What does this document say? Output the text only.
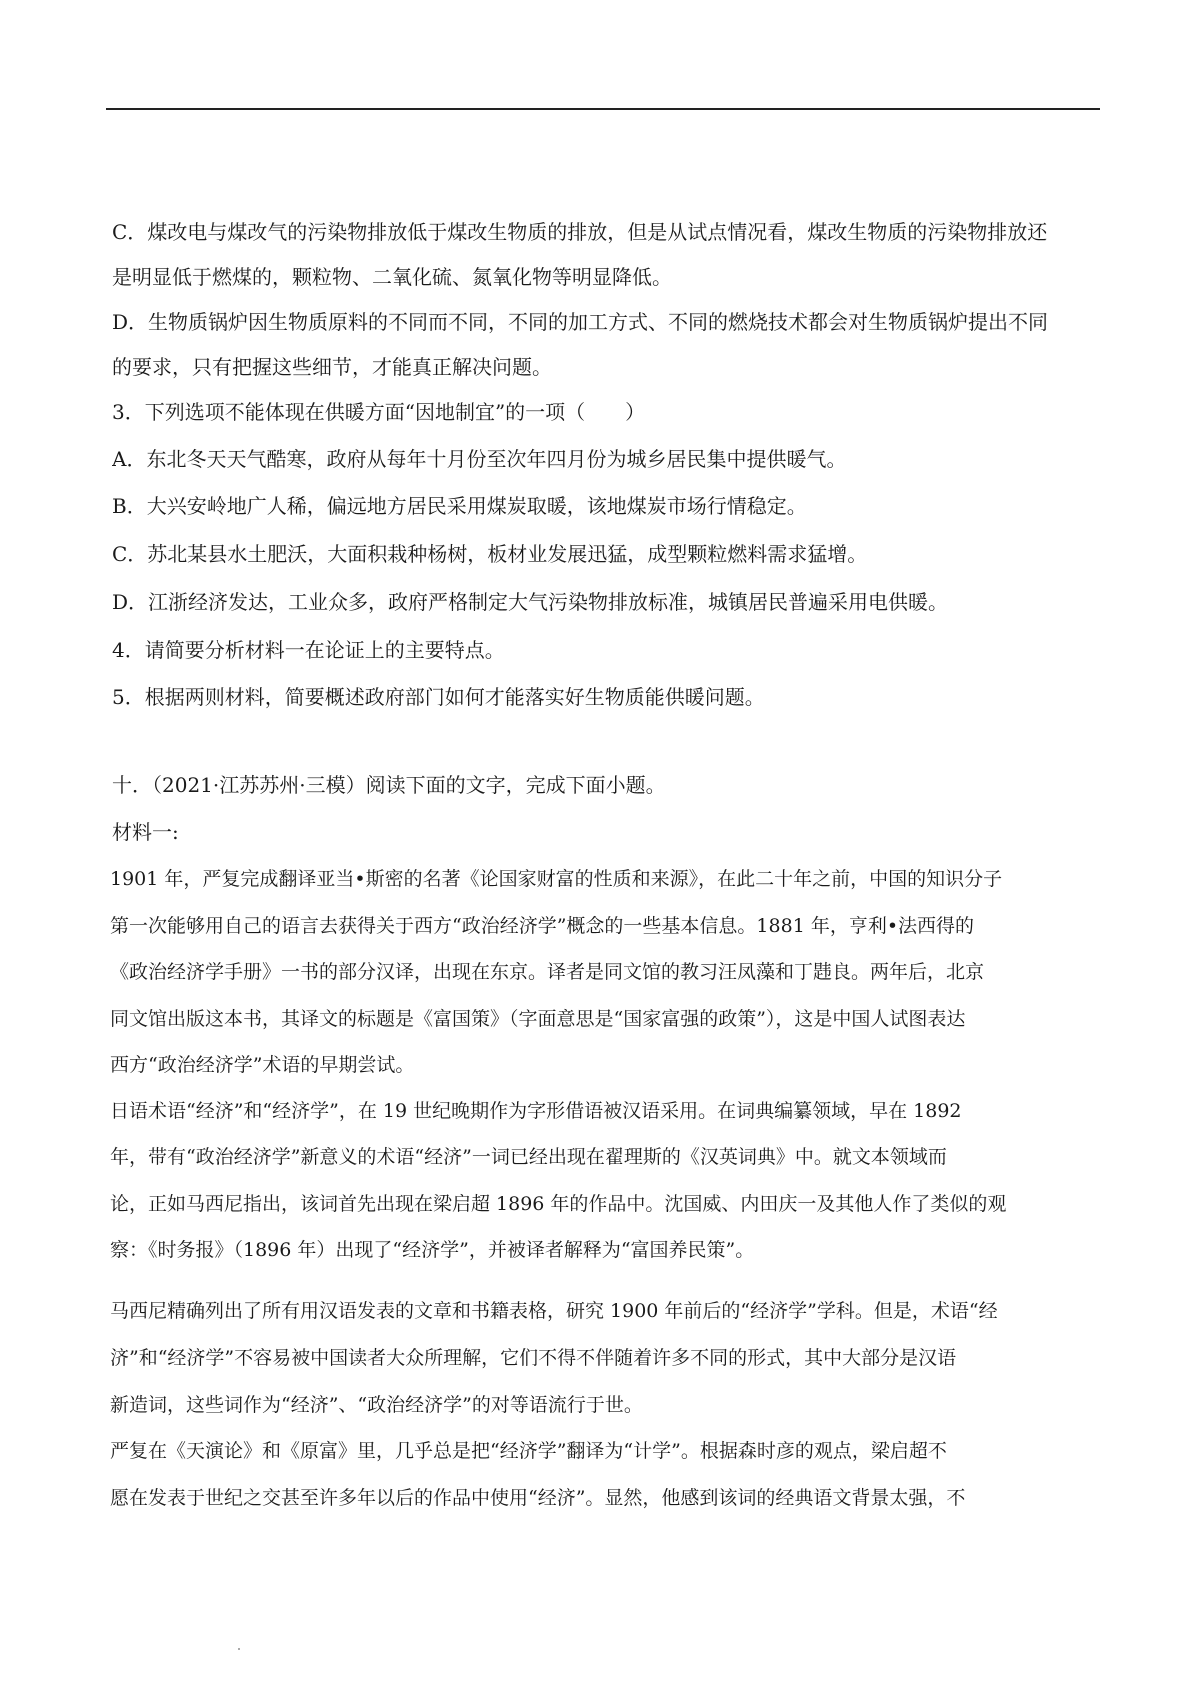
C．煤改电与煤改气的污染物排放低于煤改生物质的排放，但是从试点情况看，煤改生物质的污染物排放还
是明显低于燃煤的，颗粒物、二氧化硫、氮氧化物等明显降低。
D．生物质锅炉因生物质原料的不同而不同，不同的加工方式、不同的燃烧技术都会对生物质锅炉提出不同
的要求，只有把握这些细节，才能真正解决问题。
3．下列选项不能体现在供暖方面“因地制宜”的一项（　　）
A．东北冬天天气酷寒，政府从每年十月份至次年四月份为城乡居民集中提供暖气。
B．大兴安岭地广人稀，偏远地方居民采用煤炭取暖，该地煤炭市场行情稳定。
C．苏北某县水土肥沃，大面积栽种杨树，板材业发展迅猛，成型颗粒燃料需求猛增。
D．江浙经济发达，工业众多，政府严格制定大气污染物排放标准，城镇居民普遍采用电供暖。
4．请简要分析材料一在论证上的主要特点。
5．根据两则材料，简要概述政府部门如何才能落实好生物质能供暖问题。
十．（2021·江苏苏州·三模）阅读下面的文字，完成下面小题。
材料一:
1901 年，严复完成翻译亚当•斯密的名著《论国家财富的性质和来源》，在此二十年之前，中国的知识分子
第一次能够用自己的语言去获得关于西方“政治经济学”概念的一些基本信息。1881 年，亨利•法西得的
《政治经济学手册》一书的部分汉译，出现在东京。译者是同文馆的教习汪凤藻和丁韪良。两年后，北京
同文馆出版这本书，其译文的标题是《富国策》（字面意思是“国家富强的政策”），这是中国人试图表达
西方“政治经济学”术语的早期尝试。
日语术语“经济”和“经济学”，在 19 世纪晚期作为字形借语被汉语采用。在词典编纂领域，早在 1892
年，带有“政治经济学”新意义的术语“经济”一词已经出现在翟理斯的《汉英词典》中。就文本领域而
论，正如马西尼指出，该词首先出现在梁启超 1896 年的作品中。沈国威、内田庆一及其他人作了类似的观
察：《时务报》（1896 年）出现了“经济学”，并被译者解释为“富国养民策”。
马西尼精确列出了所有用汉语发表的文章和书籍表格，研究 1900 年前后的“经济学”学科。但是，术语“经
济”和“经济学”不容易被中国读者大众所理解，它们不得不伴随着许多不同的形式，其中大部分是汉语
新造词，这些词作为“经济”、“政治经济学”的对等语流行于世。
严复在《天演论》和《原富》里，几乎总是把“经济学”翻译为“计学”。根据森时彦的观点，梁启超不
愿在发表于世纪之交甚至许多年以后的作品中使用“经济”。显然，他感到该词的经典语文背景太强，不
